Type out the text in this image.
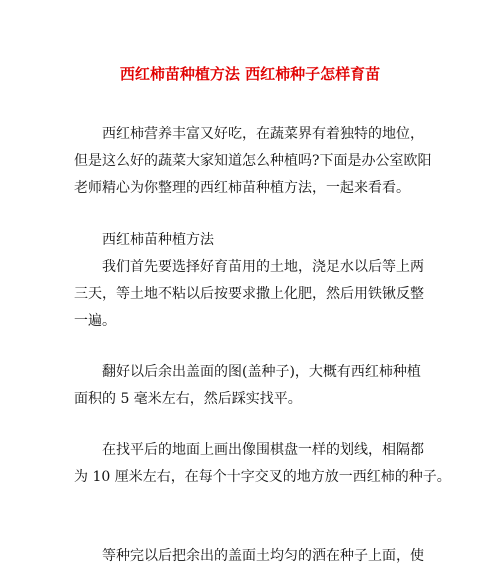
西红柿苗种植方法 西红柿种子怎样育苗
西红柿营养丰富又好吃，在蔬菜界有着独特的地位，
但是这么好的蔬菜大家知道怎么种植吗?下面是办公室欧阳
老师精心为你整理的西红柿苗种植方法，一起来看看。
西红柿苗种植方法
我们首先要选择好育苗用的土地，浇足水以后等上两
三天，等土地不粘以后按要求撒上化肥，然后用铁锹反整
一遍。
翻好以后余出盖面的图(盖种子)，大概有西红柿种植
面积的 5 毫米左右，然后踩实找平。
在找平后的地面上画出像围棋盘一样的划线，相隔都
为 10 厘米左右，在每个十字交叉的地方放一西红柿的种子。
等种完以后把余出的盖面土均匀的洒在种子上面，使
